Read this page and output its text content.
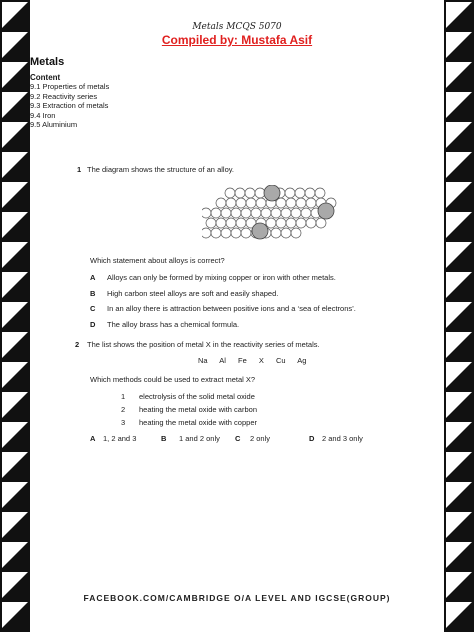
Metals MCQS 5070
Compiled by: Mustafa Asif
Metals
Content
9.1 Properties of metals
9.2 Reactivity series
9.3 Extraction of metals
9.4 Iron
9.5 Aluminium
1 The diagram shows the structure of an alloy.
Which statement about alloys is correct?
A Alloys can only be formed by mixing copper or iron with other metals.
B High carbon steel alloys are soft and easily shaped.
C In an alloy there is attraction between positive ions and a ‘sea of electrons’.
D The alloy brass has a chemical formula.
2 The list shows the position of metal X in the reactivity series of metals.
Na Al Fe X Cu Ag
Which methods could be used to extract metal X?
1 electrolysis of the solid metal oxide
2 heating the metal oxide with carbon
3 heating the metal oxide with copper
A 1, 2 and 3	B 1 and 2 only C 2 only	D 2 and 3 only
FACEBOOK.COM/CAMBRIDGE O/A LEVEL AND IGCSE(GROUP)
